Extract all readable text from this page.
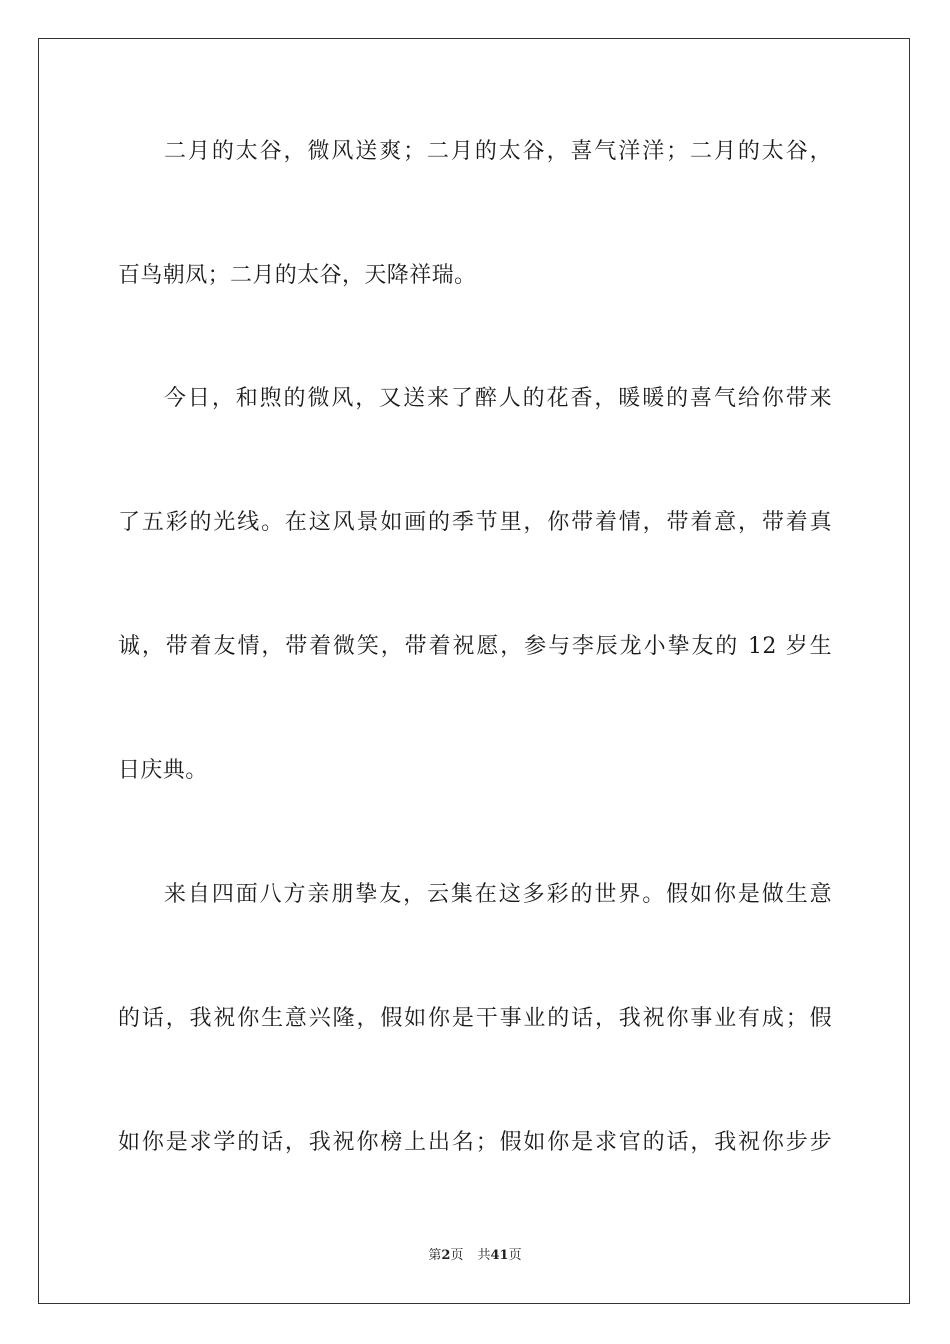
二月的太谷，微风送爽；二月的太谷，喜气洋洋；二月的太谷，
百鸟朝凤；二月的太谷，天降祥瑞。
今日，和煦的微风，又送来了醉人的花香，暖暖的喜气给你带来
了五彩的光线。在这风景如画的季节里，你带着情，带着意，带着真
诚，带着友情，带着微笑，带着祝愿，参与李辰龙小挚友的 12 岁生
日庆典。
来自四面八方亲朋挚友，云集在这多彩的世界。假如你是做生意
的话，我祝你生意兴隆，假如你是干事业的话，我祝你事业有成；假
如你是求学的话，我祝你榜上出名；假如你是求官的话，我祝你步步
第2页 共41页
